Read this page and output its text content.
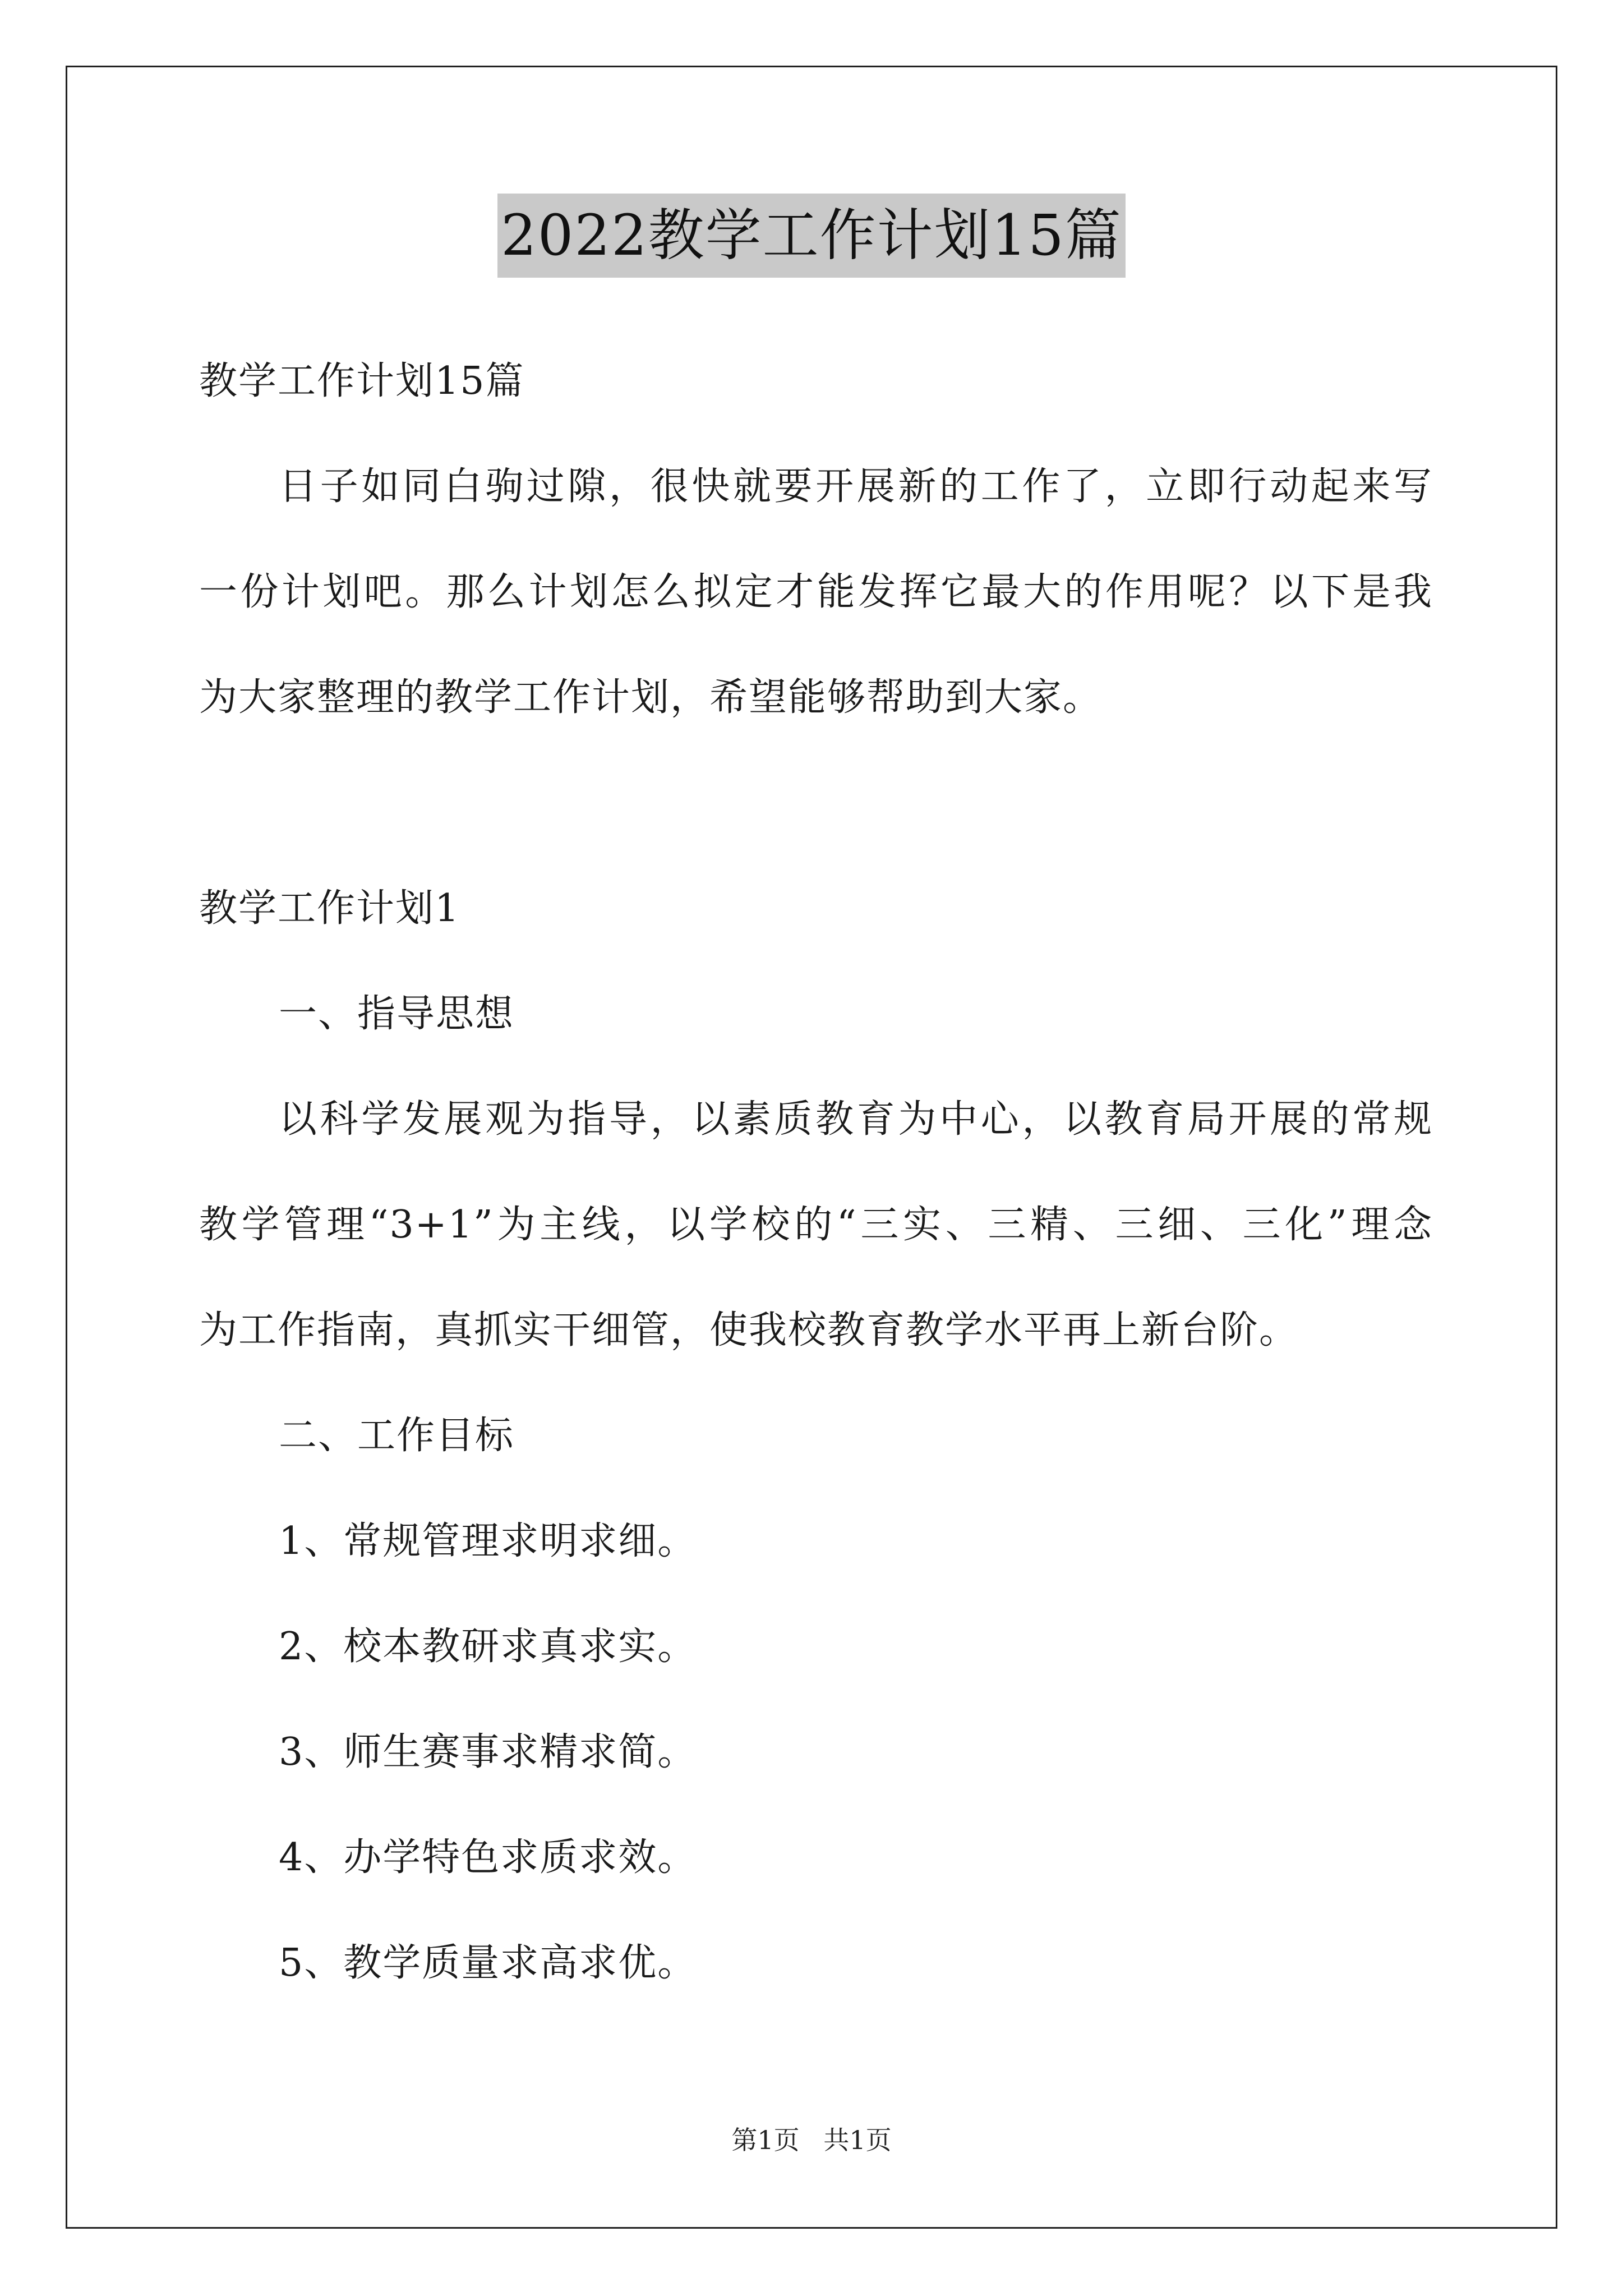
2022教学工作计划15篇
教学工作计划15篇
日子如同白驹过隙，很快就要开展新的工作了，立即行动起来写
一份计划吧。那么计划怎么拟定才能发挥它最大的作用呢？以下是我
为大家整理的教学工作计划，希望能够帮助到大家。
教学工作计划1
一、指导思想
以科学发展观为指导，以素质教育为中心，以教育局开展的常规
教学管理“3+1”为主线，以学校的“三实、三精、三细、三化”理念
为工作指南，真抓实干细管，使我校教育教学水平再上新台阶。
二、工作目标
1、常规管理求明求细。
2、校本教研求真求实。
3、师生赛事求精求简。
4、办学特色求质求效。
5、教学质量求高求优。
第1页 共1页
